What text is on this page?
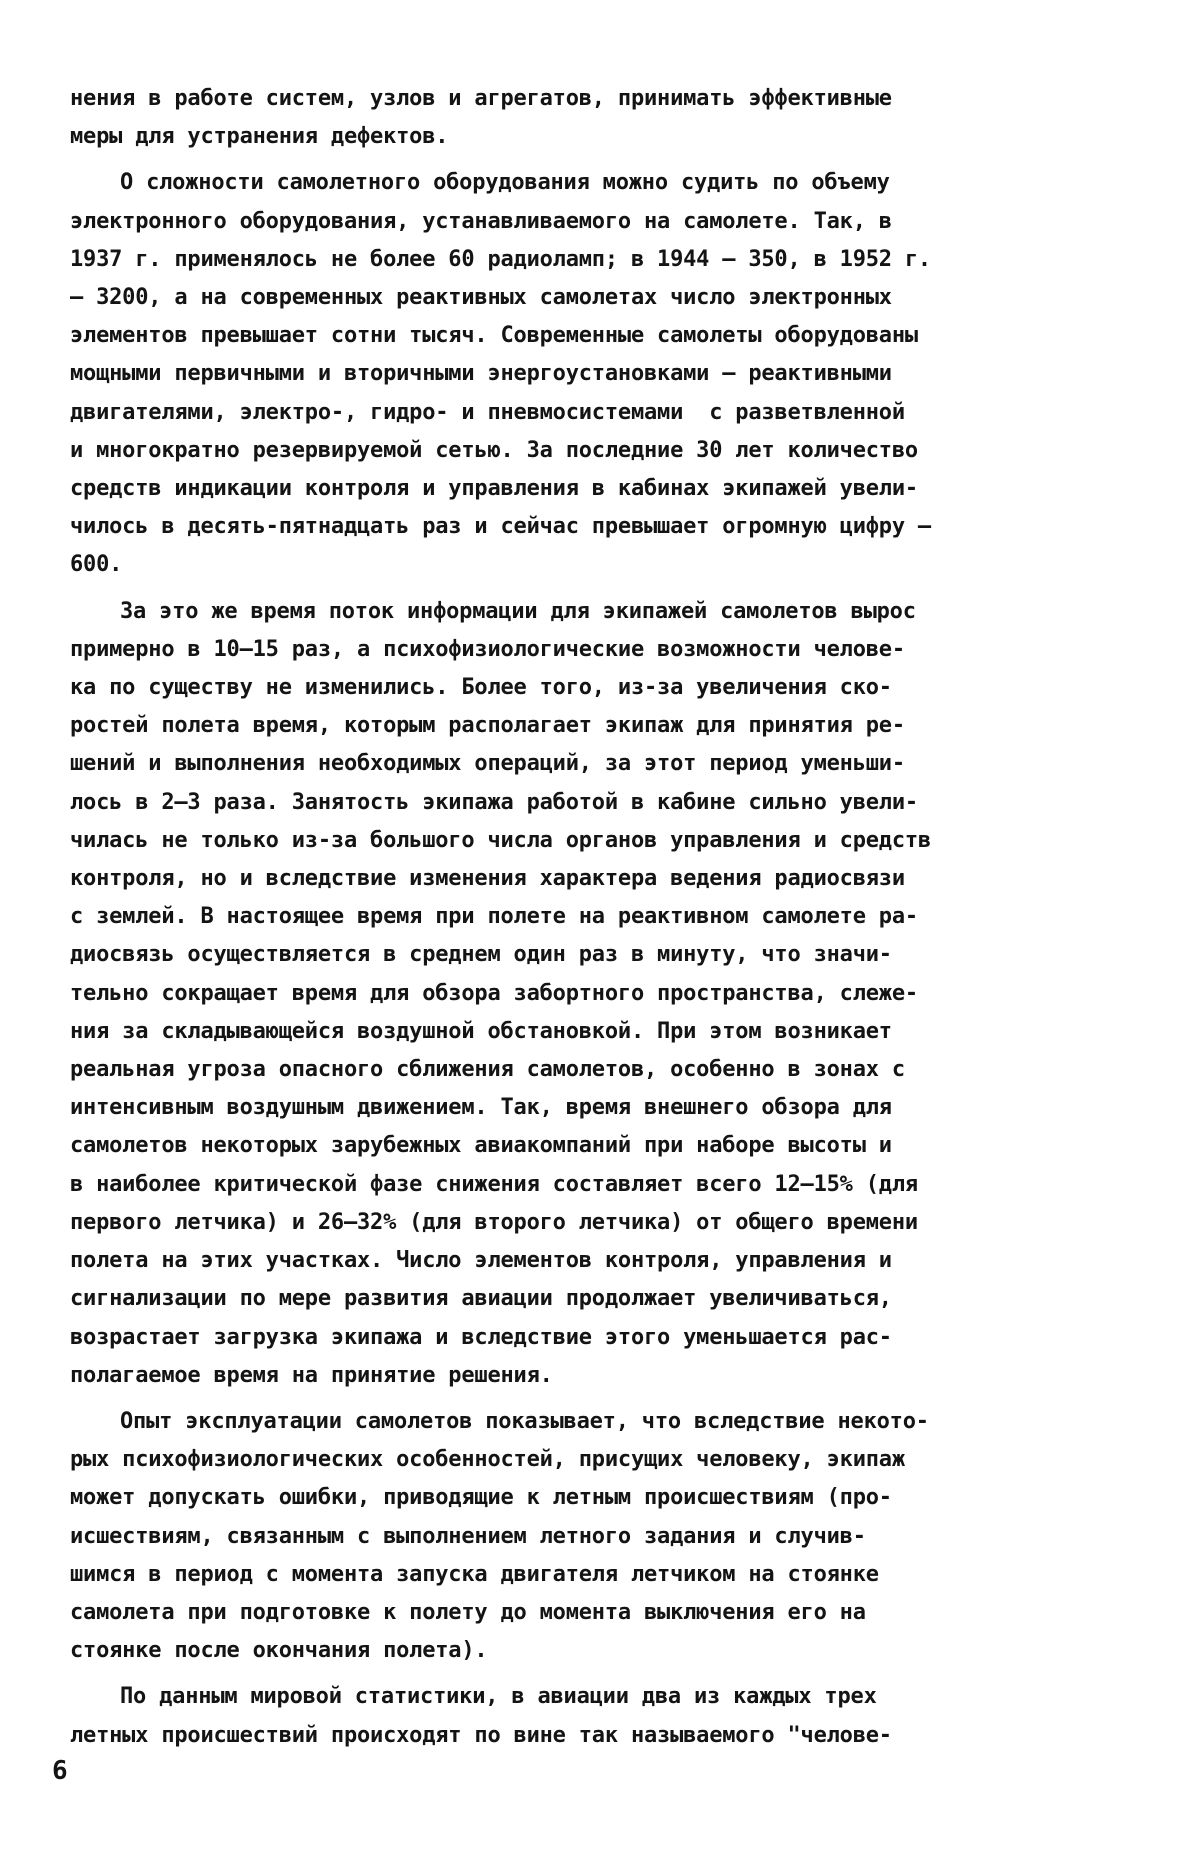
нения в работе систем, узлов и агрегатов, принимать эффективные
меры для устранения дефектов.
О сложности самолетного оборудования можно судить по объему
электронного оборудования, устанавливаемого на самолете. Так, в
1937 г. применялось не более 60 радиоламп; в 1944 – 350, в 1952 г.
– 3200, а на современных реактивных самолетах число электронных
элементов превышает сотни тысяч. Современные самолеты оборудованы
мощными первичными и вторичными энергоустановками – реактивными
двигателями, электро-, гидро- и пневмосистемами  с разветвленной
и многократно резервируемой сетью. За последние 30 лет количество
средств индикации контроля и управления в кабинах экипажей увели-
чилось в десять-пятнадцать раз и сейчас превышает огромную цифру –
600.
За это же время поток информации для экипажей самолетов вырос
примерно в 10–15 раз, а психофизиологические возможности челове-
ка по существу не изменились. Более того, из-за увеличения ско-
ростей полета время, которым располагает экипаж для принятия ре-
шений и выполнения необходимых операций, за этот период уменьши-
лось в 2–3 раза. Занятость экипажа работой в кабине сильно увели-
чилась не только из-за большого числа органов управления и средств
контроля, но и вследствие изменения характера ведения радиосвязи
с землей. В настоящее время при полете на реактивном самолете ра-
диосвязь осуществляется в среднем один раз в минуту, что значи-
тельно сокращает время для обзора забортного пространства, слеже-
ния за складывающейся воздушной обстановкой. При этом возникает
реальная угроза опасного сближения самолетов, особенно в зонах с
интенсивным воздушным движением. Так, время внешнего обзора для
самолетов некоторых зарубежных авиакомпаний при наборе высоты и
в наиболее критической фазе снижения составляет всего 12–15% (для
первого летчика) и 26–32% (для второго летчика) от общего времени
полета на этих участках. Число элементов контроля, управления и
сигнализации по мере развития авиации продолжает увеличиваться,
возрастает загрузка экипажа и вследствие этого уменьшается рас-
полагаемое время на принятие решения.
Опыт эксплуатации самолетов показывает, что вследствие некото-
рых психофизиологических особенностей, присущих человеку, экипаж
может допускать ошибки, приводящие к летным происшествиям (про-
исшествиям, связанным с выполнением летного задания и случив-
шимся в период с момента запуска двигателя летчиком на стоянке
самолета при подготовке к полету до момента выключения его на
стоянке после окончания полета).
По данным мировой статистики, в авиации два из каждых трех
летных происшествий происходят по вине так называемого "челове-
6
